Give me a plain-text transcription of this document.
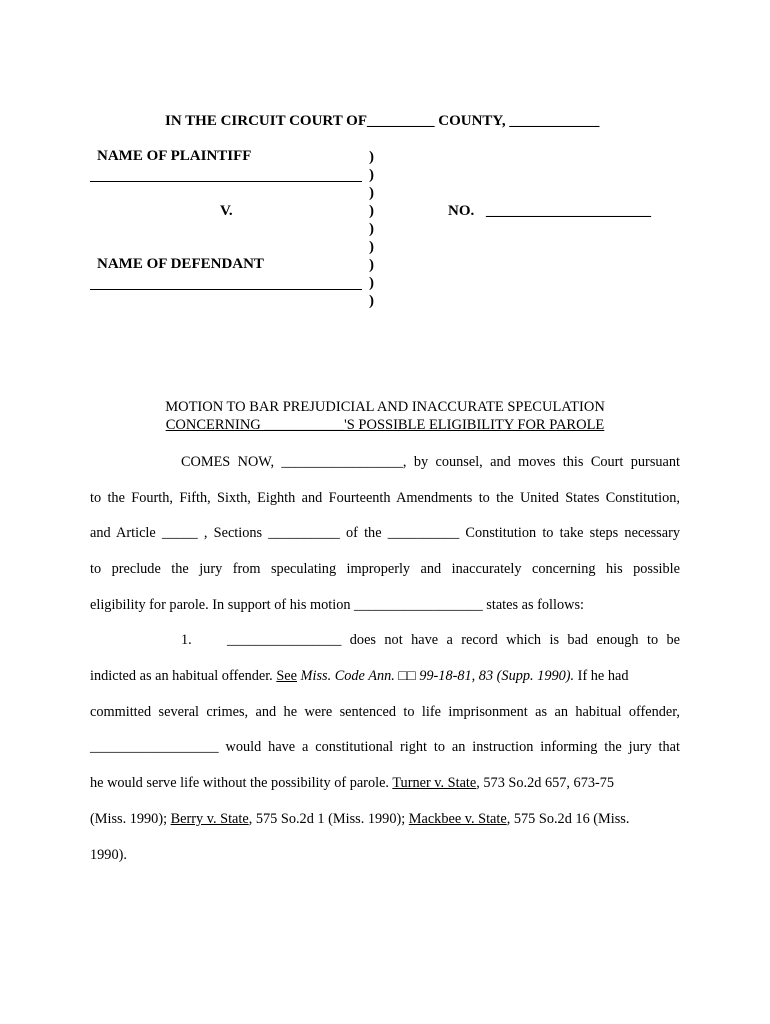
IN THE CIRCUIT COURT OF_________ COUNTY, ____________
NAME OF PLAINTIFF
V.
NAME OF DEFENDANT
)
)
)
)
)
)
)
)
)
NO. ______________________
MOTION TO BAR PREJUDICIAL AND INACCURATE SPECULATION
CONCERNING ___________'S POSSIBLE ELIGIBILITY FOR PAROLE
COMES NOW, _________________, by counsel, and moves this Court pursuant
to the Fourth, Fifth, Sixth, Eighth and Fourteenth Amendments to the United States Constitution,
and Article _____ , Sections __________ of the __________ Constitution to take steps necessary
to preclude the jury from speculating improperly and inaccurately concerning his possible
eligibility for parole. In support of his motion __________________ states as follows:
1. ________________ does not have a record which is bad enough to be
indicted as an habitual offender. See Miss. Code Ann. □□ 99-18-81, 83 (Supp. 1990). If he had
committed several crimes, and he were sentenced to life imprisonment as an habitual offender,
__________________ would have a constitutional right to an instruction informing the jury that
he would serve life without the possibility of parole. Turner v. State, 573 So.2d 657, 673-75
(Miss. 1990); Berry v. State, 575 So.2d 1 (Miss. 1990); Mackbee v. State, 575 So.2d 16 (Miss.
1990).
